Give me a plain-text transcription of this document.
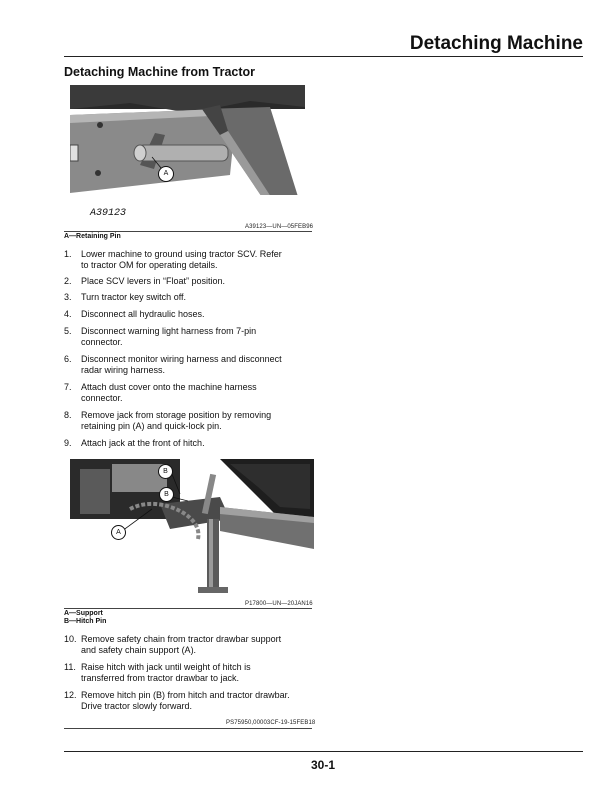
Detaching Machine
Detaching Machine from Tractor
A
A39123
A39123—UN—05FEB96
A—Retaining Pin
1. Lower machine to ground using tractor SCV. Refer
to tractor OM for operating details.
2. Place SCV levers in “Float” position.
3. Turn tractor key switch off.
4. Disconnect all hydraulic hoses.
5. Disconnect warning light harness from 7-pin
connector.
6. Disconnect monitor wiring harness and disconnect
radar wiring harness.
7. Attach dust cover onto the machine harness
connector.
8. Remove jack from storage position by removing
retaining pin (A) and quick-lock pin.
9. Attach jack at the front of hitch.
B
B
A
P17800—UN—20JAN16
A—Support
B—Hitch Pin
10. Remove safety chain from tractor drawbar support
and safety chain support (A).
11. Raise hitch with jack until weight of hitch is
transferred from tractor drawbar to jack.
12. Remove hitch pin (B) from hitch and tractor drawbar.
Drive tractor slowly forward.
PS75950,00003CF-19-15FEB18
30-1
